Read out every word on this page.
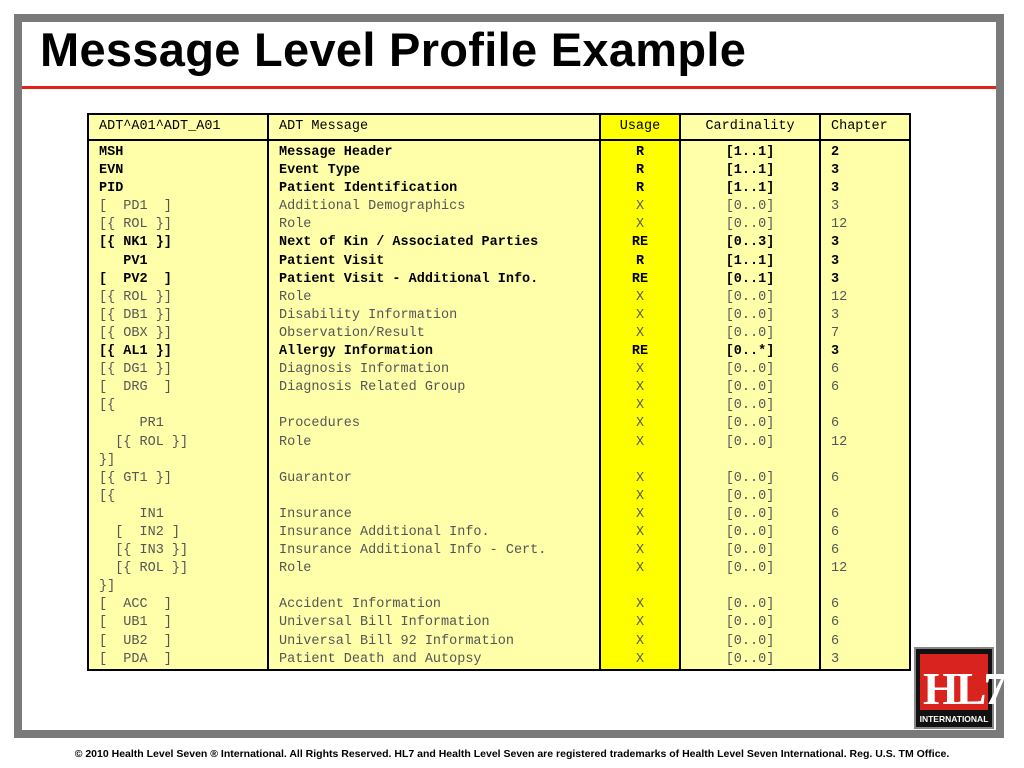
Message Level Profile Example
ADT^A01^ADT_A01	ADT Message	Usage	Cardinality	Chapter
MSH	Message Header	R	[1..1]	2
EVN	Event Type	R	[1..1]	3
PID	Patient Identification	R	[1..1]	3
[  PD1  ]	Additional Demographics	X	[0..0]	3
[{ ROL }]	Role	X	[0..0]	12
[{ NK1 }]	Next of Kin / Associated Parties	RE	[0..3]	3
PV1	Patient Visit	R	[1..1]	3
[  PV2  ]	Patient Visit - Additional Info.	RE	[0..1]	3
[{ ROL }]	Role	X	[0..0]	12
[{ DB1 }]	Disability Information	X	[0..0]	3
[{ OBX }]	Observation/Result	X	[0..0]	7
[{ AL1 }]	Allergy Information	RE	[0..*]	3
[{ DG1 }]	Diagnosis Information	X	[0..0]	6
[  DRG  ]	Diagnosis Related Group	X	[0..0]	6
[{		X	[0..0]	
PR1	Procedures	X	[0..0]	6
[{ ROL }]	Role	X	[0..0]	12
}]				
[{ GT1 }]	Guarantor	X	[0..0]	6
[{		X	[0..0]	
IN1	Insurance	X	[0..0]	6
[  IN2 ]	Insurance Additional Info.	X	[0..0]	6
[{ IN3 }]	Insurance Additional Info - Cert.	X	[0..0]	6
[{ ROL }]	Role	X	[0..0]	12
}]				
[  ACC  ]	Accident Information	X	[0..0]	6
[  UB1  ]	Universal Bill Information	X	[0..0]	6
[  UB2  ]	Universal Bill 92 Information	X	[0..0]	6
[  PDA  ]	Patient Death and Autopsy	X	[0..0]	3
HL7
INTERNATIONAL
© 2010 Health Level Seven ® International. All Rights Reserved. HL7 and Health Level Seven are registered trademarks of Health Level Seven International. Reg. U.S. TM Office.
